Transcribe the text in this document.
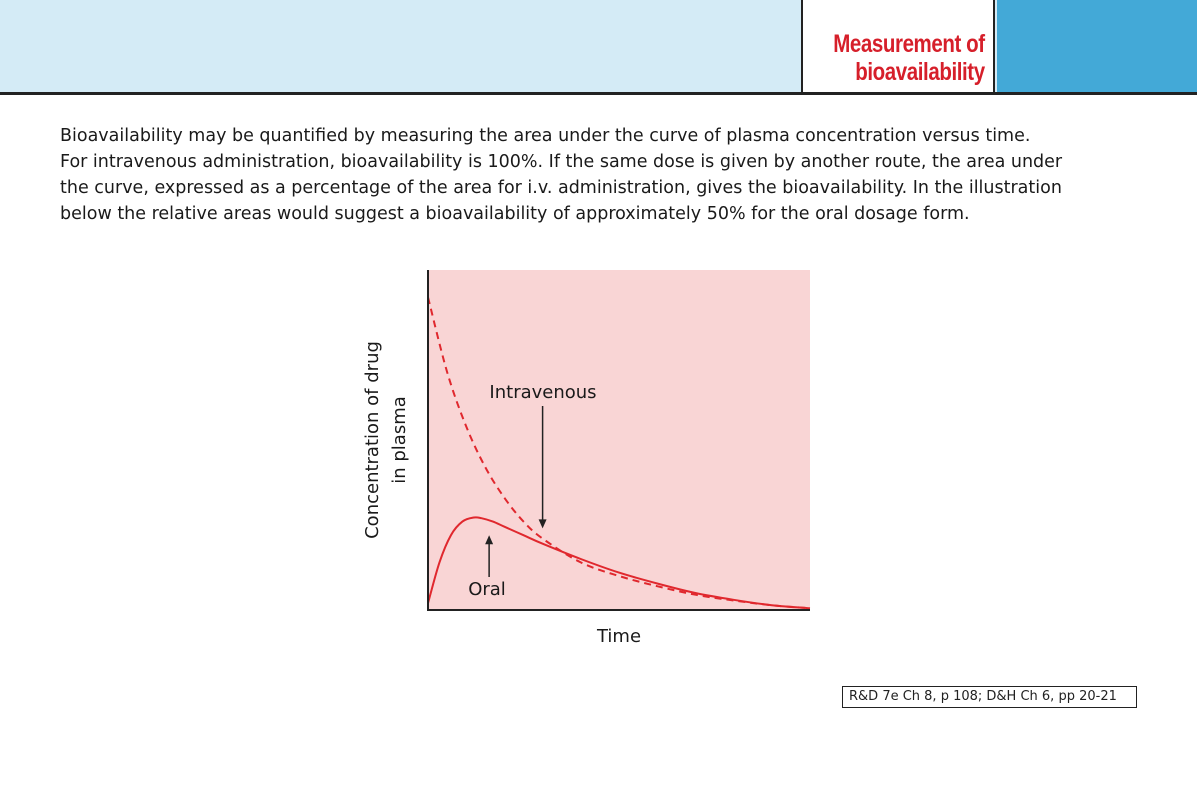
Measurement of
bioavailability
Bioavailability may be quantified by measuring the area under the curve of plasma concentration versus time.
For intravenous administration, bioavailability is 100%. If the same dose is given by another route, the area under
the curve, expressed as a percentage of the area for i.v. administration, gives the bioavailability. In the illustration
below the relative areas would suggest a bioavailability of approximately 50% for the oral dosage form.
Intravenous
Oral
Time
Concentration of drug in plasma
R&D 7e Ch 8, p 108; D&H Ch 6, pp 20-21
